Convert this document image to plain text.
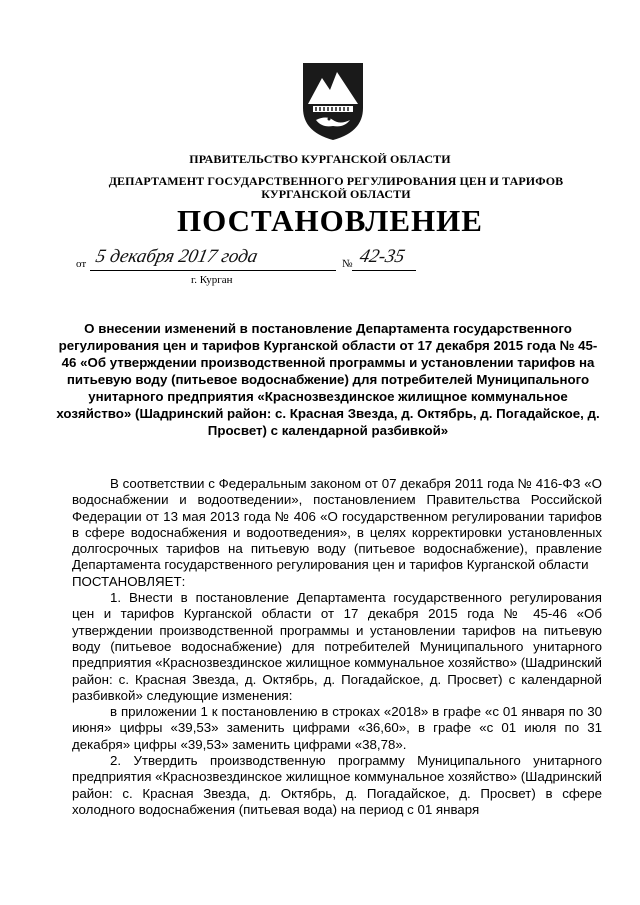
ПРАВИТЕЛЬСТВО КУРГАНСКОЙ ОБЛАСТИ
ДЕПАРТАМЕНТ ГОСУДАРСТВЕННОГО РЕГУЛИРОВАНИЯ ЦЕН И ТАРИФОВ
КУРГАНСКОЙ ОБЛАСТИ
ПОСТАНОВЛЕНИЕ
от 5 декабря 2017 года	№ 42-35
г. Курган
О внесении изменений в постановление Департамента государственного регулирования цен и тарифов Курганской области от 17 декабря 2015 года № 45-46 «Об утверждении производственной программы и установлении тарифов на питьевую воду (питьевое водоснабжение) для потребителей Муниципального унитарного предприятия «Краснозвездинское жилищное коммунальное хозяйство» (Шадринский район: с. Красная Звезда, д. Октябрь, д. Погадайское, д. Просвет) с календарной разбивкой»

В соответствии с Федеральным законом от 07 декабря 2011 года № 416-ФЗ «О водоснабжении и водоотведении», постановлением Правительства Российской Федерации от 13 мая 2013 года № 406 «О государственном регулировании тарифов в сфере водоснабжения и водоотведения», в целях корректировки установленных долгосрочных тарифов на питьевую воду (питьевое водоснабжение), правление Департамента государственного регулирования цен и тарифов Курганской области

ПОСТАНОВЛЯЕТ:

1. Внести в постановление Департамента государственного регулирования цен и тарифов Курганской области от 17 декабря 2015 года № 45-46 «Об утверждении производственной программы и установлении тарифов на питьевую воду (питьевое водоснабжение) для потребителей Муниципального унитарного предприятия «Краснозвездинское жилищное коммунальное хозяйство» (Шадринский район: с. Красная Звезда, д. Октябрь, д. Погадайское, д. Просвет) с календарной разбивкой» следующие изменения:

в приложении 1 к постановлению в строках «2018» в графе «с 01 января по 30 июня» цифры «39,53» заменить цифрами «36,60», в графе «с 01 июля по 31 декабря» цифры «39,53» заменить цифрами «38,78».

2. Утвердить производственную программу Муниципального унитарного предприятия «Краснозвездинское жилищное коммунальное хозяйство» (Шадринский район: с. Красная Звезда, д. Октябрь, д. Погадайское, д. Просвет) в сфере холодного водоснабжения (питьевая вода) на период с 01 января
